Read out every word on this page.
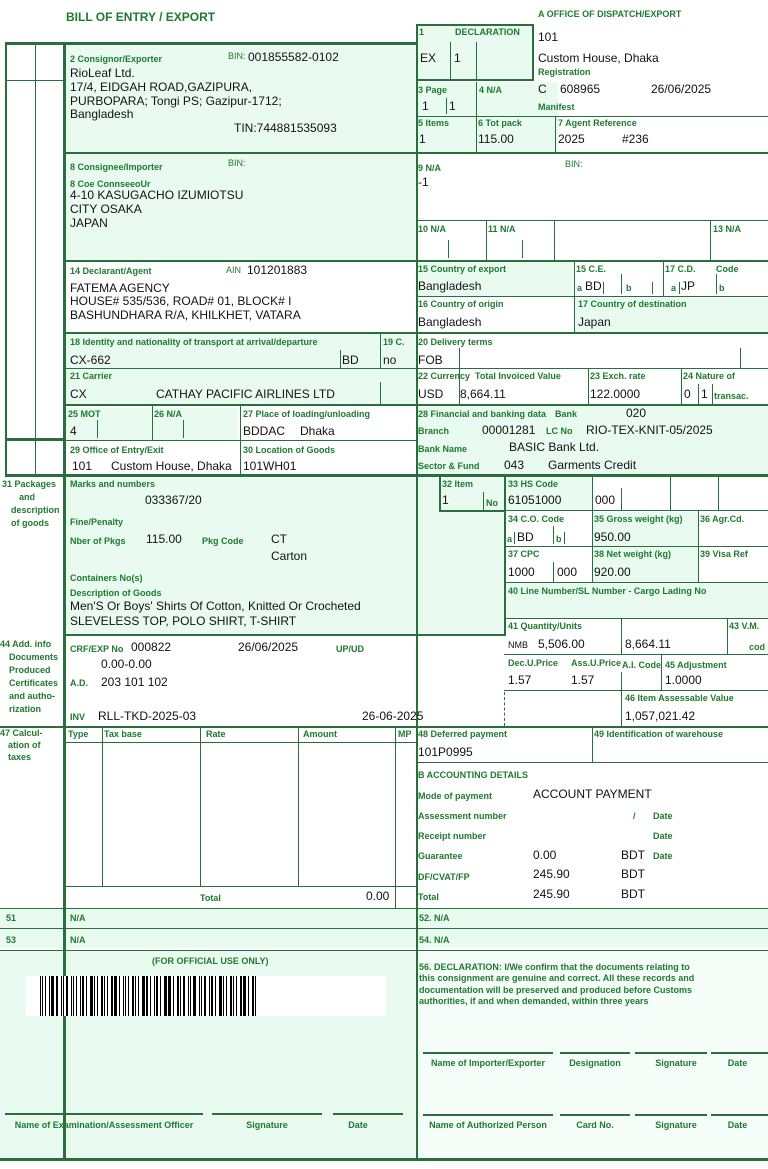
BILL OF ENTRY / EXPORT	A OFFICE OF DISPATCH/EXPORT
1	DECLARATION
EX 1
101
Custom House, Dhaka
Registration
C 608965	26/06/2025
Manifest
3 Page
1 1
4 N/A
5 Items
1
6 Tot pack
115.00
7 Agent Reference
2025	#236
2 Consignor/Exporter	BIN: 001855582-0102
RioLeaf Ltd.
17/4, EIDGAH ROAD,GAZIPURA,
PURBOPARA; Tongi PS; Gazipur-1712;
Bangladesh
TIN:744881535093
8 Consignee/Importer	BIN:
8 Coe ConnseeoUr
4-10 KASUGACHO IZUMIOTSU
CITY OSAKA
JAPAN
9 N/A	BIN:
-1
10 N/A	11 N/A	13 N/A
14 Declarant/Agent	AIN 101201883
FATEMA AGENCY
HOUSE# 535/536, ROAD# 01, BLOCK# I
BASHUNDHARA R/A, KHILKHET, VATARA
15 Country of export
Bangladesh
15 C.E.
a BD	b
17 C.D.
a JP
Code
b
16 Country of origin
Bangladesh
17 Country of destination
Japan
18 Identity and nationality of transport at arrival/departure
CX-662	BD
19 C.
no
20 Delivery terms
FOB
21 Carrier
CX	CATHAY PACIFIC AIRLINES LTD
22 Currency Total Invoiced Value
USD 8,664.11
23 Exch. rate
122.0000
24 Nature of
0 1 transac.
25 MOT
4
26 N/A	27 Place of loading/unloading
BDDAC Dhaka
28 Financial and banking data Bank	020
Branch	00001281 LC No RIO-TEX-KNIT-05/2025
Bank Name	BASIC Bank Ltd.
Sector & Fund 043 Garments Credit
29 Office of Entry/Exit
101 Custom House, Dhaka
30 Location of Goods
101WH01
31 Packages
and
description
of goods
Marks and numbers
033367/20
Fine/Penalty
Nber of Pkgs 115.00 Pkg Code CT
Carton
Containers No(s)
Description of Goods
Men'S Or Boys' Shirts Of Cotton, Knitted Or Crocheted
SLEVELESS TOP, POLO SHIRT, T-SHIRT
32 Item
1	No
33 HS Code
61051000	000
34 C.O. Code
a BD b
35 Gross weight (kg)
950.00
36 Agr.Cd.
37 CPC
1000 000
38 Net weight (kg)
920.00
39 Visa Ref
40 Line Number/SL Number - Cargo Lading No
41 Quantity/Units
NMB 5,506.00	8,664.11
43 V.M.
cod
Dec.U.Price
1.57
Ass.U.Price
1.57
A.I. Code 45 Adjustment
1.0000
46 Item Assessable Value
1,057,021.42
44 Add. info
Documents
Produced
Certificates
and autho-
rization
CRF/EXP No 000822	26/06/2025	UP/UD
0.00-0.00
A.D. 203 101 102
INV RLL-TKD-2025-03	26-06-2025
47 Calcul-
ation of
taxes
Type Tax base	Rate	Amount	MP
Total	0.00
48 Deferred payment
101P0995
49 Identification of warehouse
B ACCOUNTING DETAILS
Mode of payment	ACCOUNT PAYMENT
Assessment number	/ Date
Receipt number	Date
Guarantee	0.00	BDT Date
DF/CVAT/FP	245.90	BDT
Total	245.90	BDT
51	N/A	52. N/A
53	N/A	54. N/A
(FOR OFFICIAL USE ONLY)
Name of Examination/Assessment Officer	Signature	Date
56. DECLARATION: I/We confirm that the documents relating to this consignment are genuine and correct. All these records and documentation will be preserved and produced before Customs authorities, if and when demanded, within three years
Name of Importer/Exporter	Designation	Signature	Date
Name of Authorized Person	Card No.	Signature	Date
